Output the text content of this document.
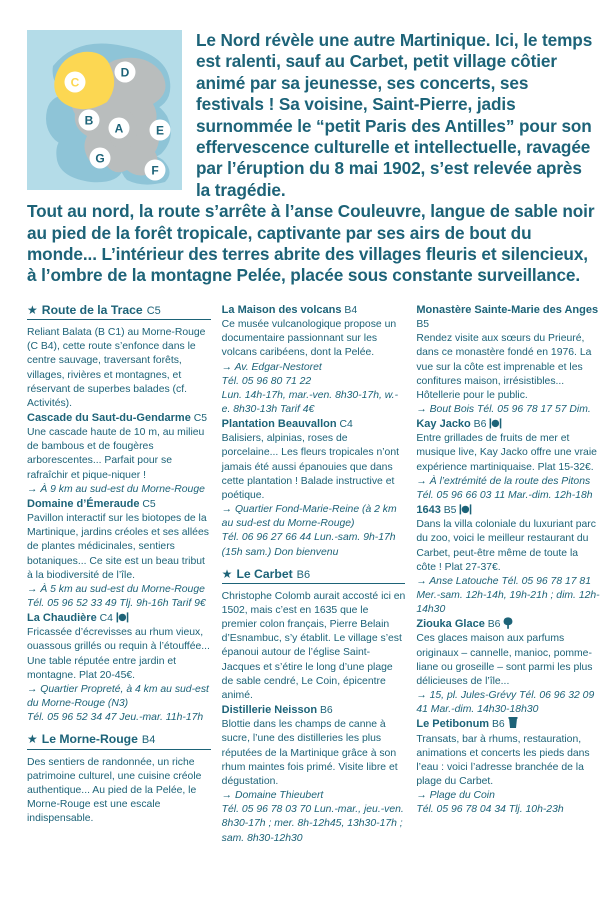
A
B
C
D
E
F
G
Le Nord révèle une autre Martinique. Ici, le temps est ralenti, sauf au Carbet, petit village côtier animé par sa jeunesse, ses concerts, ses festivals ! Sa voisine, Saint-Pierre, jadis surnommée le “petit Paris des Antilles” pour son effervescence culturelle et intellectuelle, ravagée par l’éruption du 8 mai 1902, s’est relevée après la tragédie.
Tout au nord, la route s’arrête à l’anse Couleuvre, langue de sable noir au pied de la forêt tropicale, captivante par ses airs de bout du monde... L’intérieur des terres abrite des villages fleuris et silencieux, à l’ombre de la montagne Pelée, placée sous constante surveillance.
★ Route de la Trace C5

Reliant Balata (B C1) au Morne-Rouge (C B4), cette route s’enfonce dans le centre sauvage, traversant forêts, villages, rivières et montagnes, et réservant de superbes balades (cf. Activités).

Cascade du Saut-du-Gendarme C5
Une cascade haute de 10 m, au milieu de bambous et de fougères arborescentes... Parfait pour se rafraîchir et pique-niquer !

→ À 9 km au sud-est du Morne-Rouge

Domaine d’Émeraude C5
Pavillon interactif sur les biotopes de la Martinique, jardins créoles et ses allées de plantes médicinales, sentiers botaniques... Ce site est un beau tribut à la biodiversité de l’île.

→ À 5 km au sud-est du Morne-Rouge

Tél. 05 96 52 33 49 Tlj. 9h-16h Tarif 9€

La Chaudière C4

Fricassée d’écrevisses au rhum vieux, ouassous grillés ou requin à l’étouffée... Une table réputée entre jardin et montagne. Plat 20-45€.

→ Quartier Propreté, à 4 km au sud-est du Morne-Rouge (N3)

Tél. 05 96 52 34 47 Jeu.-mar. 11h-17h

★ Le Morne-Rouge B4

Des sentiers de randonnée, un riche patrimoine culturel, une cuisine créole authentique... Au pied de la Pelée, le Morne-Rouge est une escale indispensable.

La Maison des volcans B4
Ce musée vulcanologique propose un documentaire passionnant sur les volcans caribéens, dont la Pelée.

→ Av. Edgar-Nestoret

Tél. 05 96 80 71 22

Lun. 14h-17h, mar.-ven. 8h30-17h, w.-e. 8h30-13h Tarif 4€

Plantation Beauvallon C4
Balisiers, alpinias, roses de porcelaine... Les fleurs tropicales n’ont jamais été aussi épanouies que dans cette plantation ! Balade instructive et poétique.

→ Quartier Fond-Marie-Reine (à 2 km au sud-est du Morne-Rouge)

Tél. 06 96 27 66 44 Lun.-sam. 9h-17h (15h sam.) Don bienvenu

★ Le Carbet B6

Christophe Colomb aurait accosté ici en 1502, mais c’est en 1635 que le premier colon français, Pierre Belain d’Esnambuc, s’y établit. Le village s’est épanoui autour de l’église Saint-Jacques et s’étire le long d’une plage de sable cendré, Le Coin, épicentre animé.

Distillerie Neisson B6
Blottie dans les champs de canne à sucre, l’une des distilleries les plus réputées de la Martinique grâce à son rhum maintes fois primé. Visite libre et dégustation.

→ Domaine Thieubert

Tél. 05 96 78 03 70 Lun.-mar., jeu.-ven. 8h30-17h ; mer. 8h-12h45, 13h30-17h ; sam. 8h30-12h30

Monastère Sainte-Marie des Anges B5
Rendez visite aux sœurs du Prieuré, dans ce monastère fondé en 1976. La vue sur la côte est imprenable et les confitures maison, irrésistibles... Hôtellerie pour le public.

→ Bout Bois Tél. 05 96 78 17 57 Dim.

Kay Jacko B6

Entre grillades de fruits de mer et musique live, Kay Jacko offre une vraie expérience martiniquaise. Plat 15-32€.

→ À l’extrémité de la route des Pitons

Tél. 05 96 66 03 11 Mar.-dim. 12h-18h

1643 B5

Dans la villa coloniale du luxuriant parc du zoo, voici le meilleur restaurant du Carbet, peut-être même de toute la côte ! Plat 27-37€.

→ Anse Latouche Tél. 05 96 78 17 81

Mer.-sam. 12h-14h, 19h-21h ; dim. 12h-14h30

Ziouka Glace B6

Ces glaces maison aux parfums originaux – cannelle, manioc, pomme-liane ou groseille – sont parmi les plus délicieuses de l’île...

→ 15, pl. Jules-Grévy Tél. 06 96 32 09 41 Mar.-dim. 14h30-18h30

Le Petibonum B6

Transats, bar à rhums, restauration, animations et concerts les pieds dans l’eau : voici l’adresse branchée de la plage du Carbet.

→ Plage du Coin

Tél. 05 96 78 04 34 Tlj. 10h-23h
